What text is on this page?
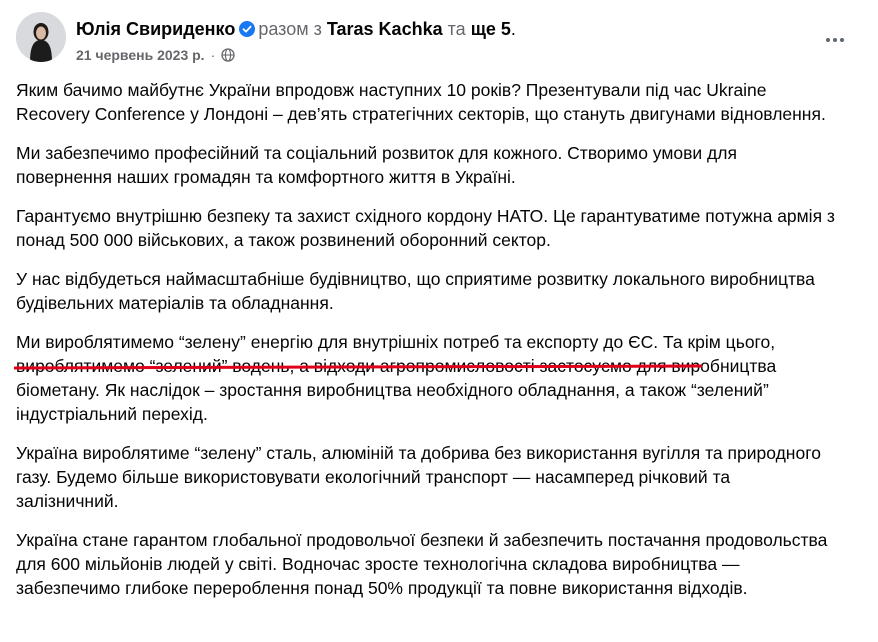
Юлія Свириденко разом з Taras Kachka та ще 5.
21 червень 2023 р. ·

Яким бачимо майбутнє України впродовж наступних 10 років? Презентували під час Ukraine Recovery Conference у Лондоні – дев’ять стратегічних секторів, що стануть двигунами відновлення.

Ми забезпечимо професійний та соціальний розвиток для кожного. Створимо умови для повернення наших громадян та комфортного життя в Україні.

Гарантуємо внутрішню безпеку та захист східного кордону НАТО. Це гарантуватиме потужна армія з понад 500 000 військових, а також розвинений оборонний сектор.

У нас відбудеться наймасштабніше будівництво, що сприятиме розвитку локального виробництва будівельних матеріалів та обладнання.

Ми вироблятимемо “зелену” енергію для внутрішніх потреб та експорту до ЄС. Та крім цього, вироблятимемо “зелений” водень, а відходи агропромисловості застосуємо для виробництва біометану. Як наслідок – зростання виробництва необхідного обладнання, а також “зелений” індустріальний перехід.

Україна вироблятиме “зелену” сталь, алюміній та добрива без використання вугілля та природного газу. Будемо більше використовувати екологічний транспорт — насамперед річковий та залізничний.

Україна стане гарантом глобальної продовольчої безпеки й забезпечить постачання продовольства для 600 мільйонів людей у світі. Водночас зросте технологічна складова виробництва — забезпечимо глибоке перероблення понад 50% продукції та повне використання відходів.
